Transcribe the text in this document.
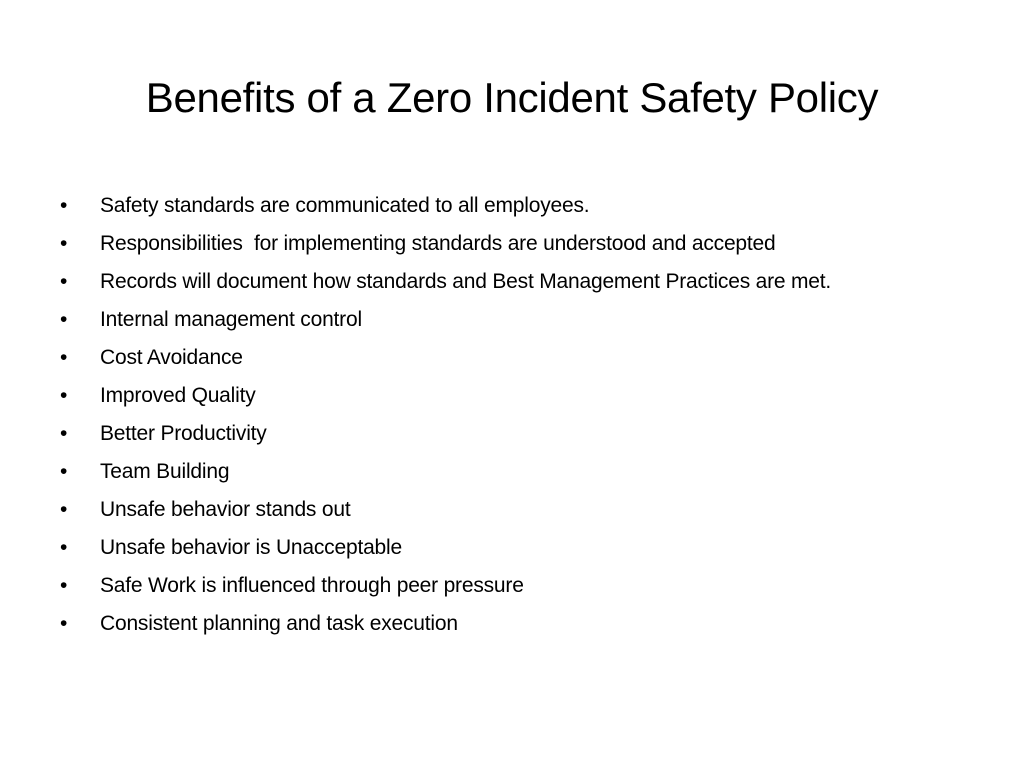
Benefits of a Zero Incident Safety Policy
•	Safety standards are communicated to all employees.
•	Responsibilities  for implementing standards are understood and accepted
•	Records will document how standards and Best Management Practices are met.
•	Internal management control
•	Cost Avoidance
•	Improved Quality
•	Better Productivity
•	Team Building
•	Unsafe behavior stands out
•	Unsafe behavior is Unacceptable
•	Safe Work is influenced through peer pressure
•	Consistent planning and task execution
